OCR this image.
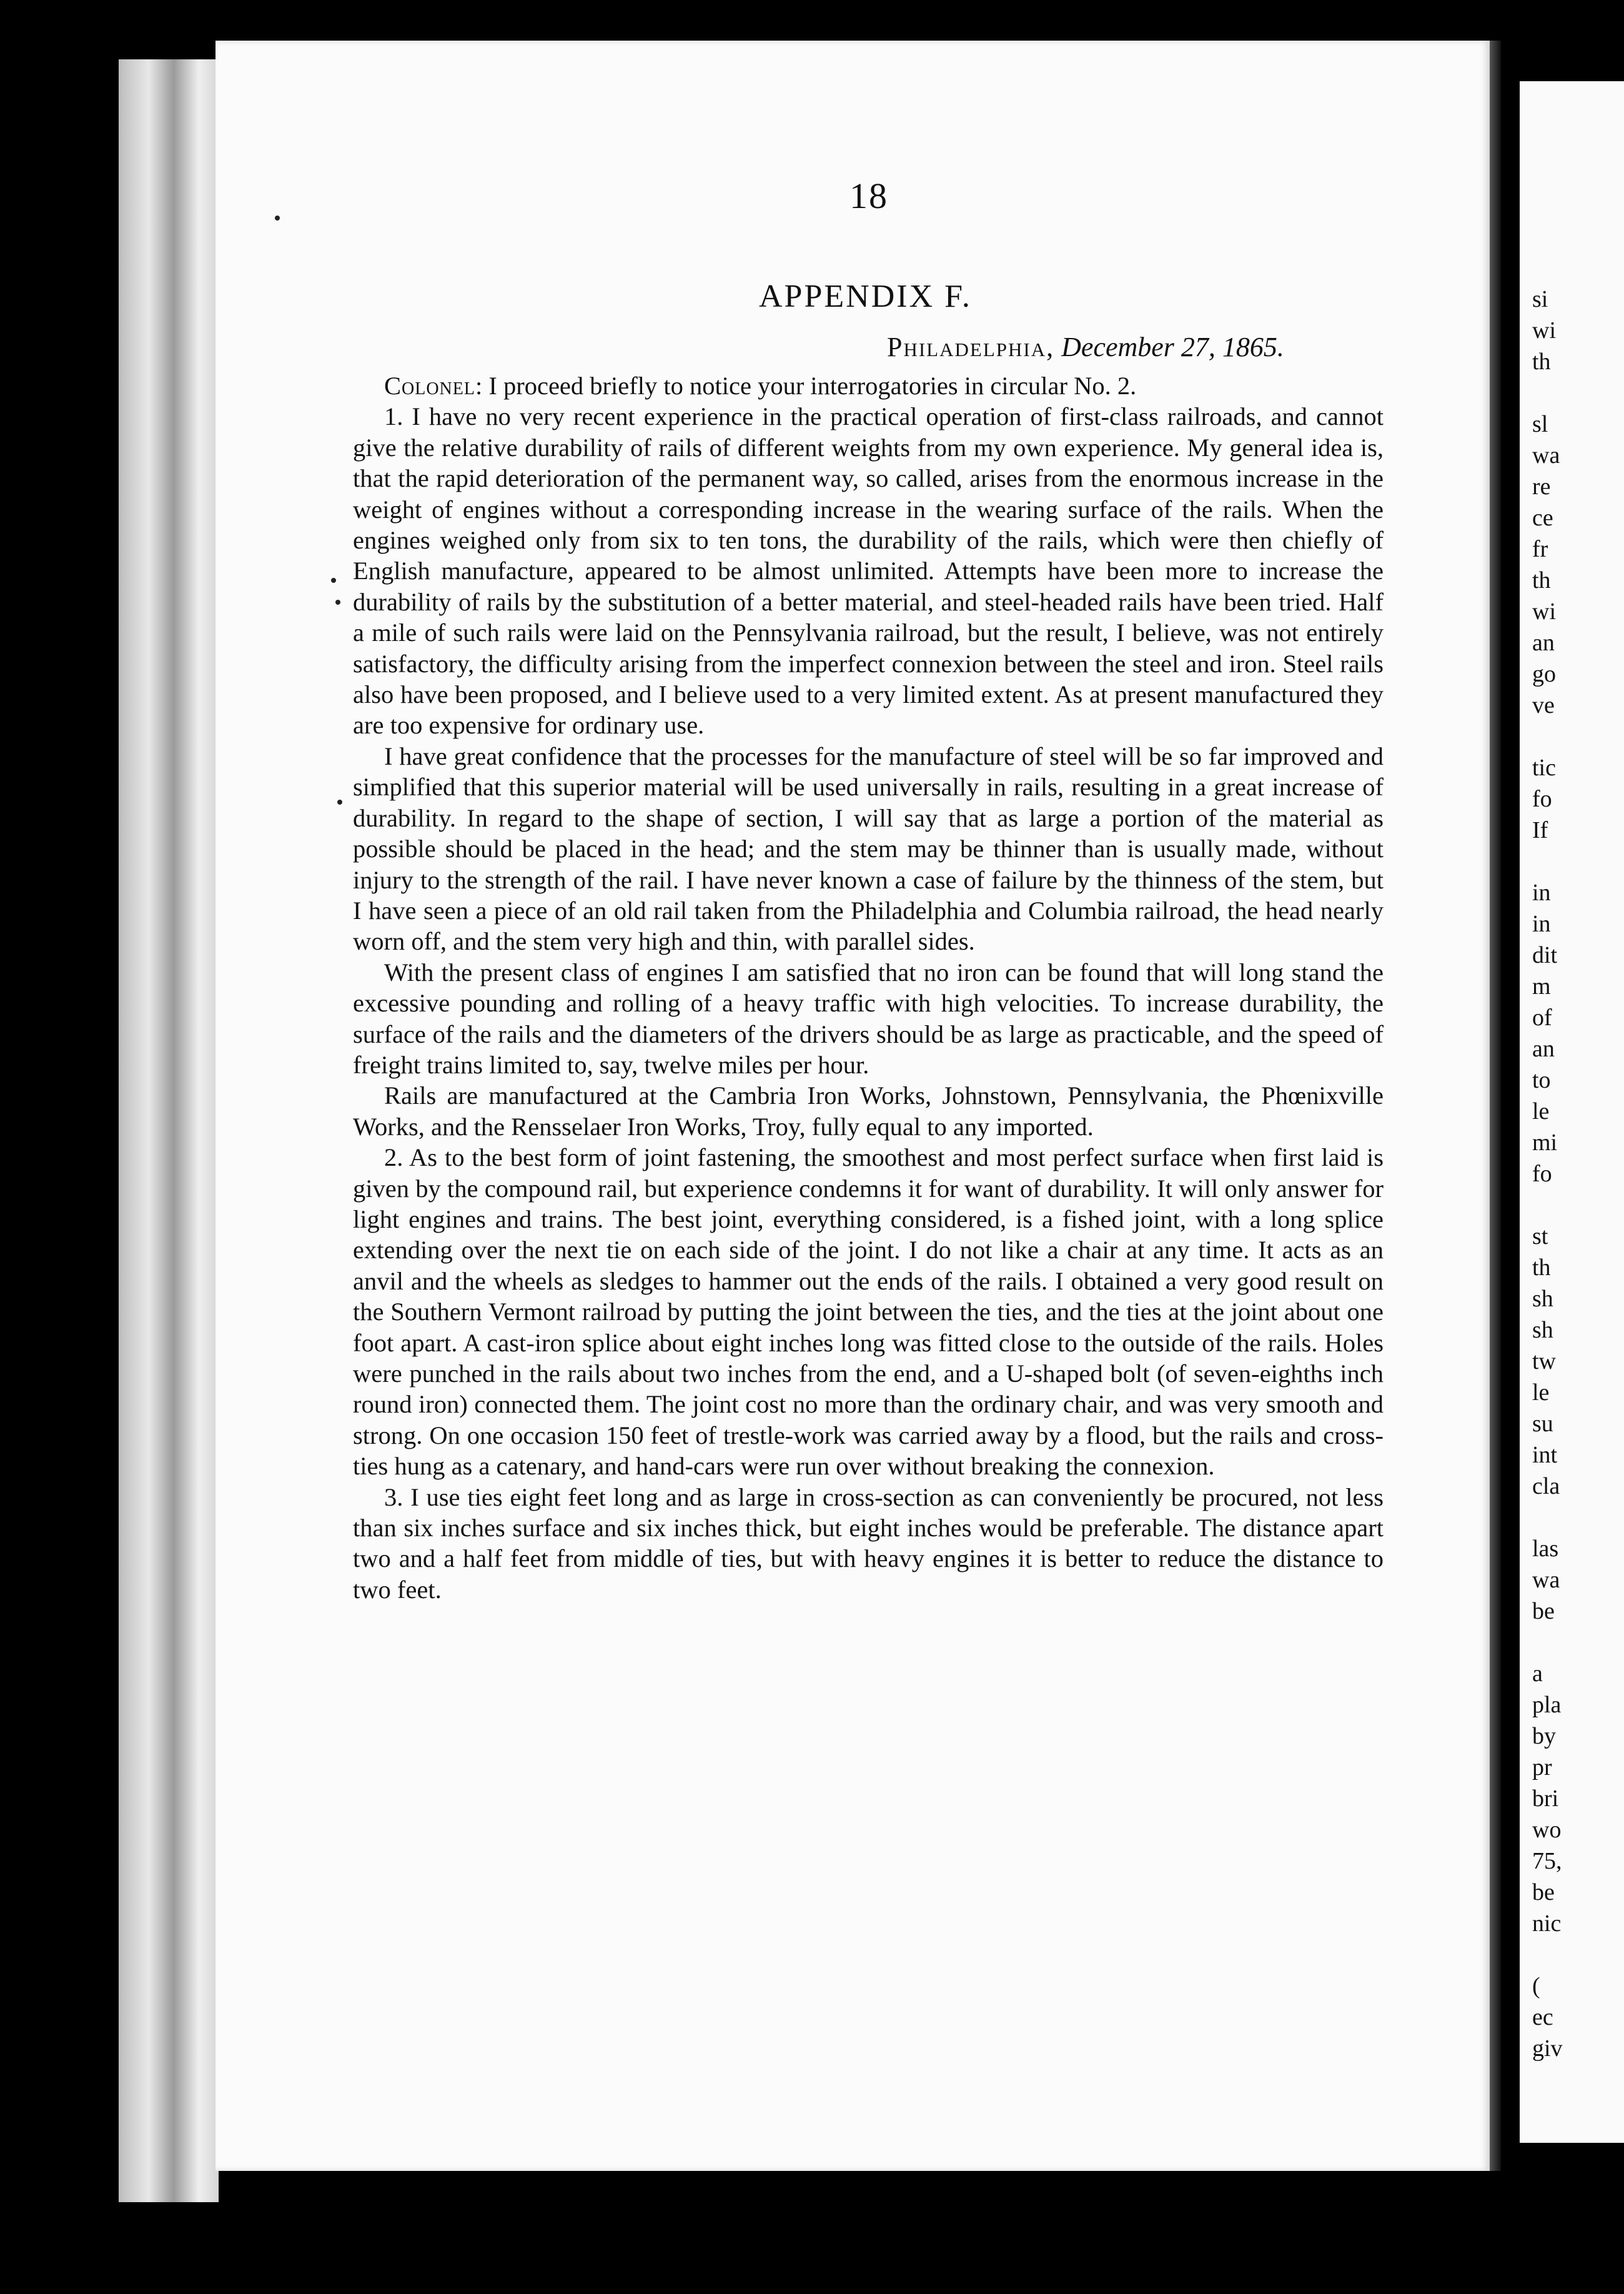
si
wi
th
sl
wa
re
ce
fr
th
wi
an
go
ve
tic
fo
If
in
in
dit
m
of
an
to
le
mi
fo
st
th
sh
sh
tw
le
su
int
cla
las
wa
be
a
pla
by
pr
bri
wo
75,
be
nic
(
ec
giv
18
APPENDIX F.
Philadelphia, December 27, 1865.

Colonel: I proceed briefly to notice your interrogatories in circular No. 2.

1. I have no very recent experience in the practical operation of first-class railroads, and cannot give the relative durability of rails of different weights from my own experience. My general idea is, that the rapid deterioration of the permanent way, so called, arises from the enormous increase in the weight of engines without a corresponding increase in the wearing surface of the rails. When the engines weighed only from six to ten tons, the durability of the rails, which were then chiefly of English manufacture, appeared to be almost unlimited. Attempts have been more to increase the durability of rails by the substitution of a better material, and steel-headed rails have been tried. Half a mile of such rails were laid on the Pennsylvania railroad, but the result, I believe, was not entirely satisfactory, the difficulty arising from the imperfect connexion between the steel and iron. Steel rails also have been proposed, and I believe used to a very limited extent. As at present manufactured they are too expensive for ordinary use.

I have great confidence that the processes for the manufacture of steel will be so far improved and simplified that this superior material will be used universally in rails, resulting in a great increase of durability. In regard to the shape of section, I will say that as large a portion of the material as possible should be placed in the head; and the stem may be thinner than is usually made, without injury to the strength of the rail. I have never known a case of failure by the thinness of the stem, but I have seen a piece of an old rail taken from the Philadelphia and Columbia railroad, the head nearly worn off, and the stem very high and thin, with parallel sides.

With the present class of engines I am satisfied that no iron can be found that will long stand the excessive pounding and rolling of a heavy traffic with high velocities. To increase durability, the surface of the rails and the diameters of the drivers should be as large as practicable, and the speed of freight trains limited to, say, twelve miles per hour.

Rails are manufactured at the Cambria Iron Works, Johnstown, Pennsylvania, the Phœnixville Works, and the Rensselaer Iron Works, Troy, fully equal to any imported.

2. As to the best form of joint fastening, the smoothest and most perfect surface when first laid is given by the compound rail, but experience condemns it for want of durability. It will only answer for light engines and trains. The best joint, everything considered, is a fished joint, with a long splice extending over the next tie on each side of the joint. I do not like a chair at any time. It acts as an anvil and the wheels as sledges to hammer out the ends of the rails. I obtained a very good result on the Southern Vermont railroad by putting the joint between the ties, and the ties at the joint about one foot apart. A cast-iron splice about eight inches long was fitted close to the outside of the rails. Holes were punched in the rails about two inches from the end, and a U-shaped bolt (of seven-eighths inch round iron) connected them. The joint cost no more than the ordinary chair, and was very smooth and strong. On one occasion 150 feet of trestle-work was carried away by a flood, but the rails and cross-ties hung as a catenary, and hand-cars were run over without breaking the connexion.

3. I use ties eight feet long and as large in cross-section as can conveniently be procured, not less than six inches surface and six inches thick, but eight inches would be preferable. The distance apart two and a half feet from middle of ties, but with heavy engines it is better to reduce the distance to two feet.
